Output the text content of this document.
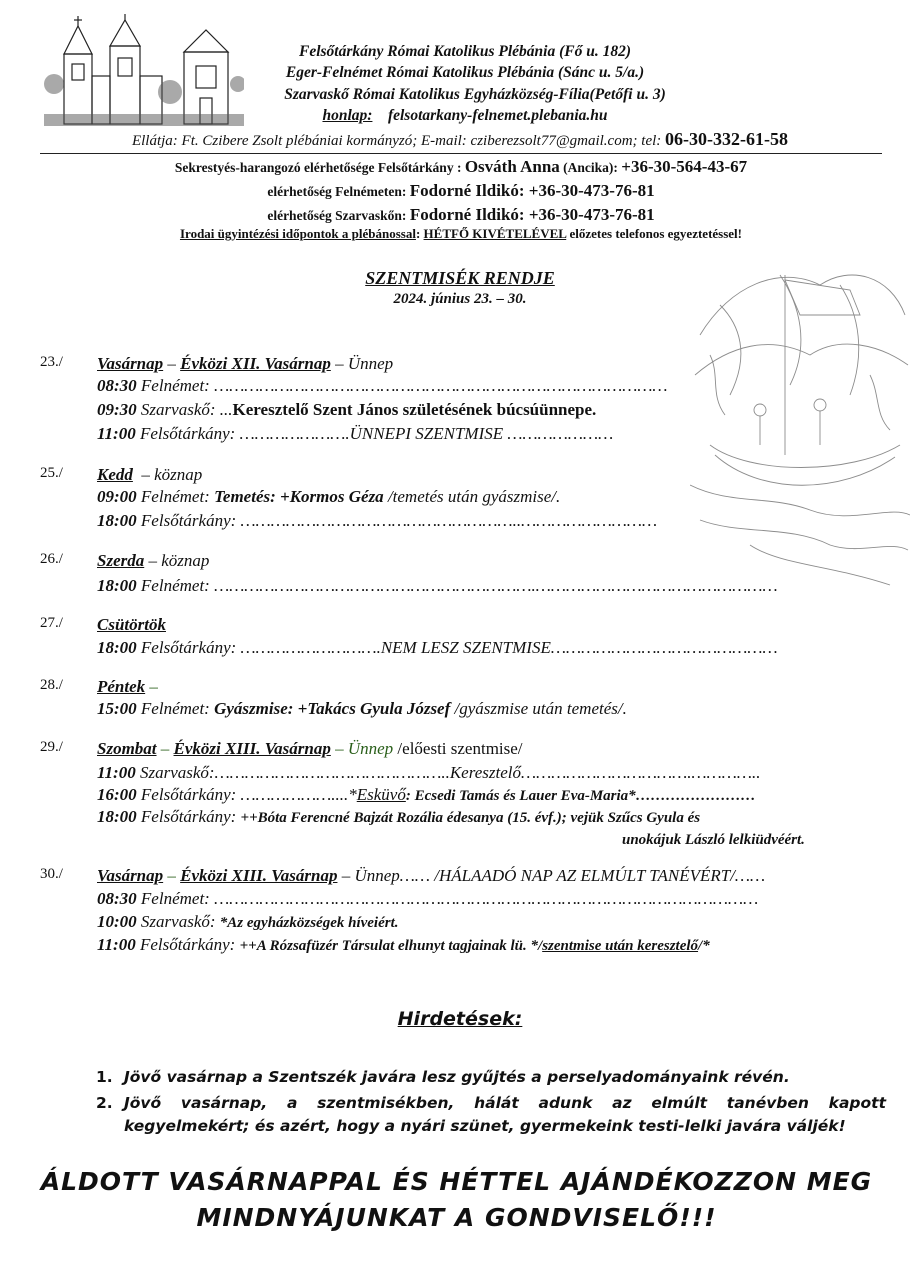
Felsőtárkány Római Katolikus Plébánia (Fő u. 182)
Eger-Felnémet Római Katolikus Plébánia (Sánc u. 5/a.)
Szarvaskő Római Katolikus Egyházközség-Fília(Petőfi u. 3)
honlap: felsotarkany-felnemet.plebania.hu
Ellátja: Ft. Czibere Zsolt plébániai kormányzó; E-mail: cziberezsolt77@gmail.com; tel: 06-30-332-61-58
Sekrestyés-harangozó elérhetősége Felsőtárkány : Osváth Anna (Ancika): +36-30-564-43-67
elérhetőség Felnémeten: Fodorné Ildikó: +36-30-473-76-81
elérhetőség Szarvaskőn: Fodorné Ildikó: +36-30-473-76-81
Irodai ügyintézési időpontok a plébánossal: HÉTFŐ KIVÉTELÉVEL előzetes telefonos egyeztetéssel!
SZENTMISÉK RENDJE
2024. június 23. – 30.
23./ Vasárnap – Évközi XII. Vasárnap – Ünnep
08:30 Felnémet: ………………………………………………………………………………
09:30 Szarvaskő: ...Keresztelő Szent János születésének búcsúünnepe.
11:00 Felsőtárkány: ………………….ÜNNEPI SZENTMISE …………………
25./ Kedd – köznap
09:00 Felnémet: Temetés: +Kormos Géza /temetés után gyászmise/.
18:00 Felsőtárkány: ………………………………………………..………………………
26./ Szerda – köznap
18:00 Felnémet: ……………………………………………………….…………………………………………
27./ Csütörtök
18:00 Felsőtárkány: ……………………….NEM LESZ SZENTMISE………………………………………
28./ Péntek –
15:00 Felnémet: Gyászmise: +Takács Gyula József /gyászmise után temetés/.
29./ Szombat – Évközi XIII. Vasárnap – Ünnep /előesti szentmise/
11:00 Szarvaskő:………………………………………..Keresztelő…………………………….…………..
16:00 Felsőtárkány: ………………....*Esküvő: Ecsedi Tamás és Lauer Eva-Maria*……………………
18:00 Felsőtárkány: ++Bóta Ferencné Bajzát Rozália édesanya (15. évf.); vejük Szűcs Gyula és
unokájuk László lelkiüdvéért.
30./ Vasárnap – Évközi XIII. Vasárnap – Ünnep…… /HÁLAADÓ NAP AZ ELMÚLT TANÉVÉRT/……
08:30 Felnémet: ………………………………………………………………………………………………
10:00 Szarvaskő: *Az egyházközségek híveiért.
11:00 Felsőtárkány: ++A Rózsafüzér Társulat elhunyt tagjainak lü. */szentmise után keresztelő/*
Hirdetések:
1. Jövő vasárnap a Szentszék javára lesz gyűjtés a perselyadományaink révén.
2. Jövő vasárnap, a szentmisékben, hálát adunk az elmúlt tanévben kapott kegyelmekért; és azért, hogy a nyári szünet, gyermekeink testi-lelki javára váljék!
ÁLDOTT VASÁRNAPPAL ÉS HÉTTEL AJÁNDÉKOZZON MEG
MINDNYÁJUNKAT A GONDVISELŐ!!!
